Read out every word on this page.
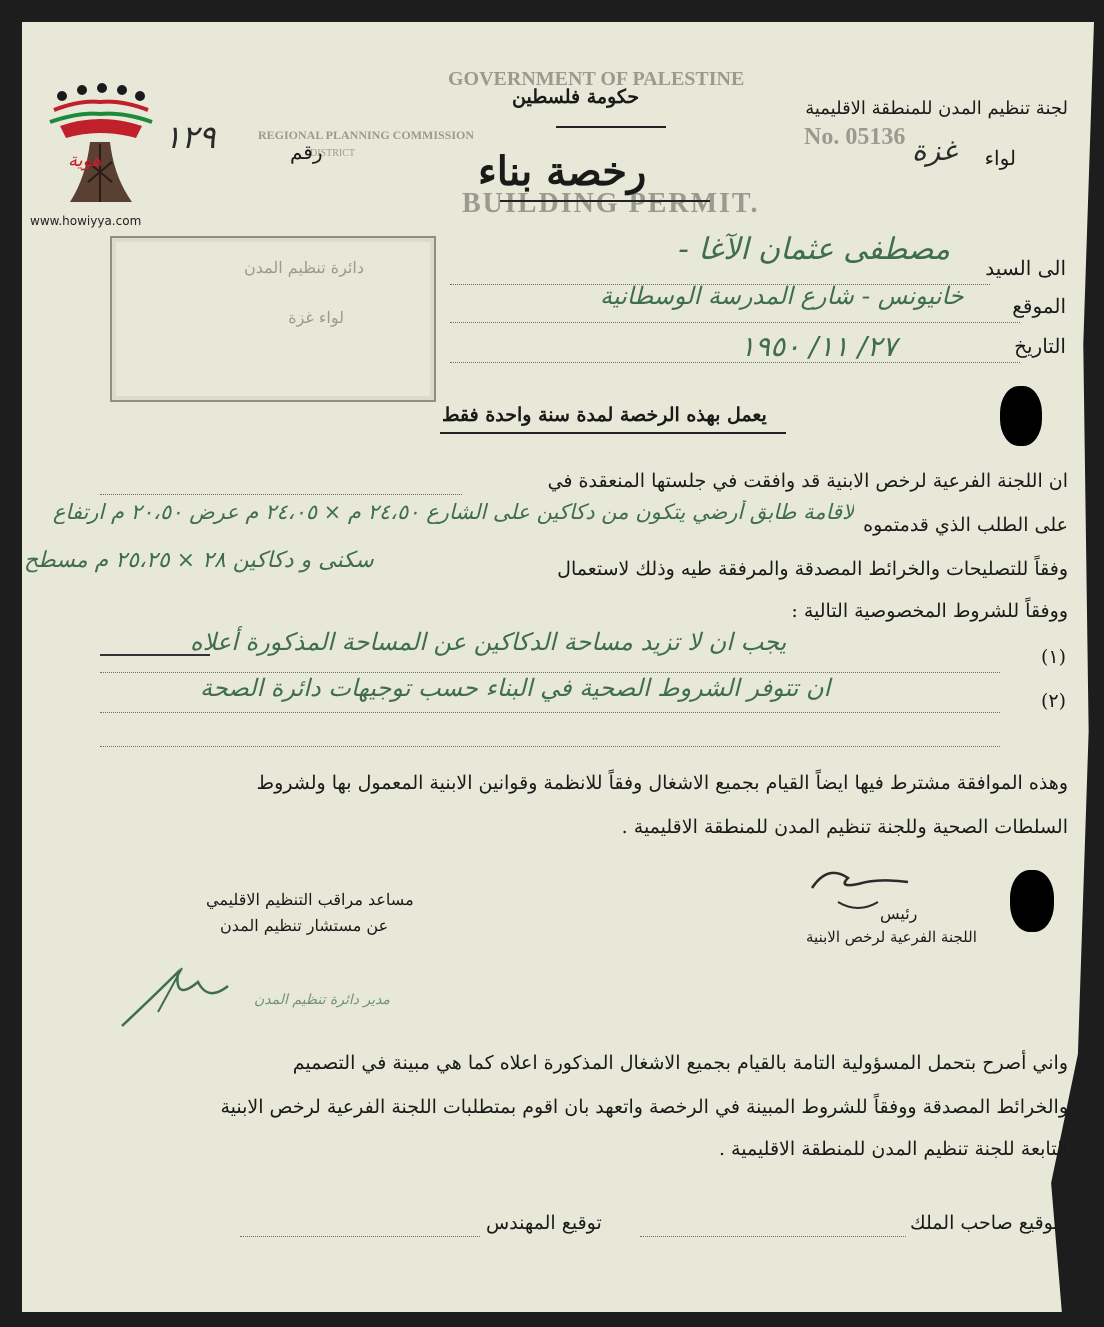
هوية
www.howiyya.com
GOVERNMENT OF PALESTINE
REGIONAL PLANNING COMMISSION
DISTRICT
No. 05136
BUILDING PERMIT.
لجنة تنظيم المدن للمنطقة الاقليمية
حكومة فلسطين
رخصة بناء
رقم
١٢٩
لواء
غزة
دائرة تنظيم المدن
لواء غزة
الى السيد
مصطفى عثمان الآغا -
الموقع
خانيونس - شارع المدرسة الوسطانية
التاريخ
٢٧/ ١١/ ١٩٥٠
يعمل بهذه الرخصة لمدة سنة واحدة فقط
ان اللجنة الفرعية لرخص الابنية قد وافقت في جلستها المنعقدة في
على الطلب الذي قدمتموه
لاقامة طابق أرضي يتكون من دكاكين على الشارع ٢٤،٥٠ م × ٢٤،٠٥ م عرض ٢٠،٥٠ م ارتفاع
وفقاً للتصليحات والخرائط المصدقة والمرفقة طيه وذلك لاستعمال
سكنى و دكاكين ٢٨ × ٢٥،٢٥ م مسطح
ووفقاً للشروط المخصوصية التالية :
(١)
يجب ان لا تزيد مساحة الدكاكين عن المساحة المذكورة أعلاه
(٢)
ان تتوفر الشروط الصحية في البناء حسب توجيهات دائرة الصحة
وهذه الموافقة مشترط فيها ايضاً القيام بجميع الاشغال وفقاً للانظمة وقوانين الابنية المعمول بها ولشروط
السلطات الصحية وللجنة تنظيم المدن للمنطقة الاقليمية .
رئيس
اللجنة الفرعية لرخص الابنية
مساعد مراقب التنظيم الاقليمي
عن مستشار تنظيم المدن
مدير دائرة تنظيم المدن
واني أصرح بتحمل المسؤولية التامة بالقيام بجميع الاشغال المذكورة اعلاه كما هي مبينة في التصميم
والخرائط المصدقة ووفقاً للشروط المبينة في الرخصة واتعهد بان اقوم بمتطلبات اللجنة الفرعية لرخص الابنية
التابعة للجنة تنظيم المدن للمنطقة الاقليمية .
توقيع صاحب الملك
توقيع المهندس
